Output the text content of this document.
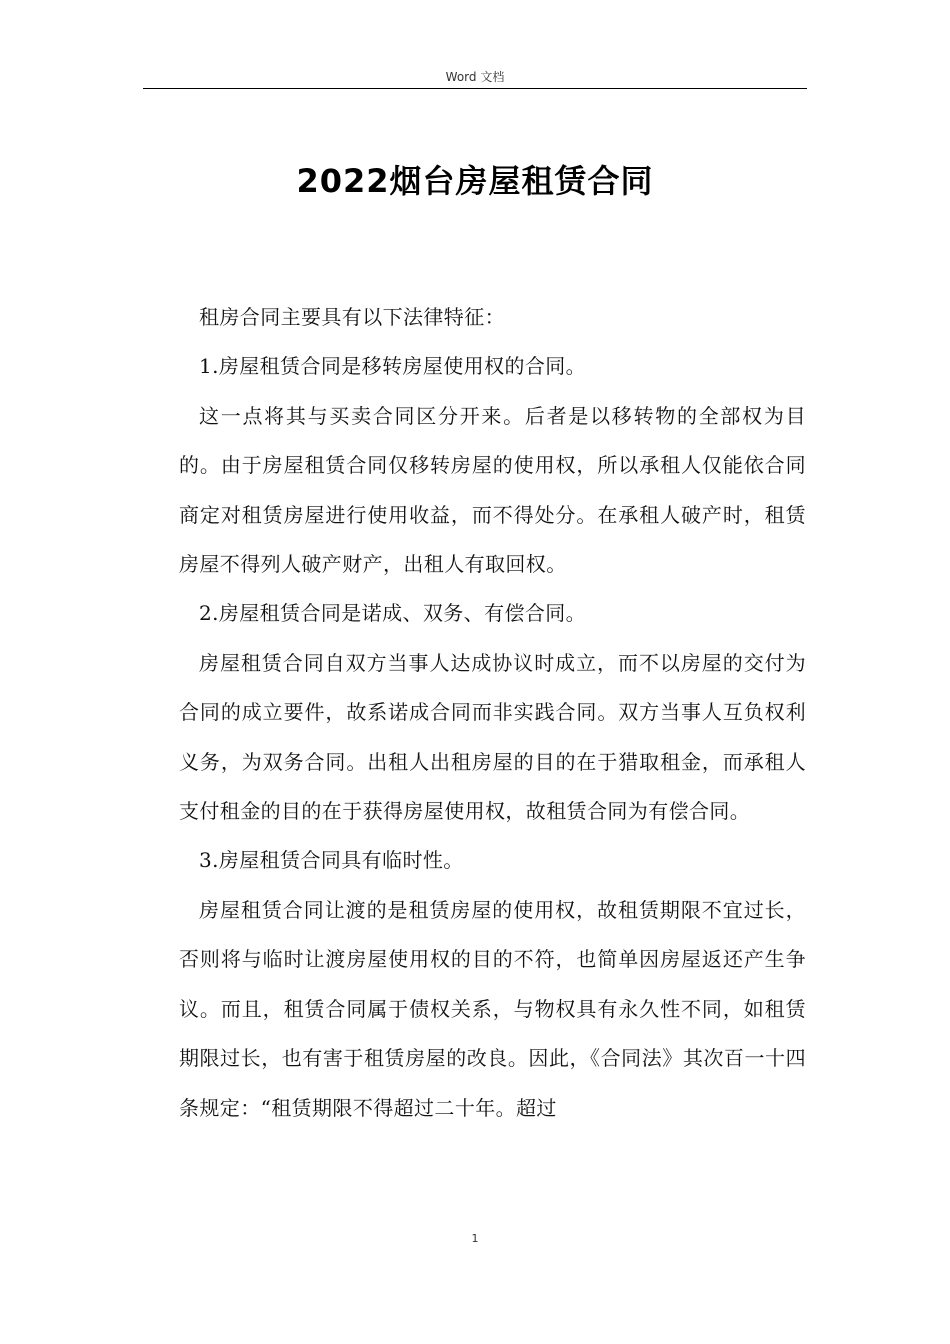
Word 文档
2022烟台房屋租赁合同

租房合同主要具有以下法律特征：

1.房屋租赁合同是移转房屋使用权的合同。

这一点将其与买卖合同区分开来。后者是以移转物的全部权为目的。由于房屋租赁合同仅移转房屋的使用权，所以承租人仅能依合同商定对租赁房屋进行使用收益，而不得处分。在承租人破产时，租赁房屋不得列人破产财产，出租人有取回权。

2.房屋租赁合同是诺成、双务、有偿合同。

房屋租赁合同自双方当事人达成协议时成立，而不以房屋的交付为合同的成立要件，故系诺成合同而非实践合同。双方当事人互负权利义务，为双务合同。出租人出租房屋的目的在于猎取租金，而承租人支付租金的目的在于获得房屋使用权，故租赁合同为有偿合同。

3.房屋租赁合同具有临时性。

房屋租赁合同让渡的是租赁房屋的使用权，故租赁期限不宜过长，否则将与临时让渡房屋使用权的目的不符，也简单因房屋返还产生争议。而且，租赁合同属于债权关系，与物权具有永久性不同，如租赁期限过长，也有害于租赁房屋的改良。因此，《合同法》其次百一十四条规定：“租赁期限不得超过二十年。超过

1
